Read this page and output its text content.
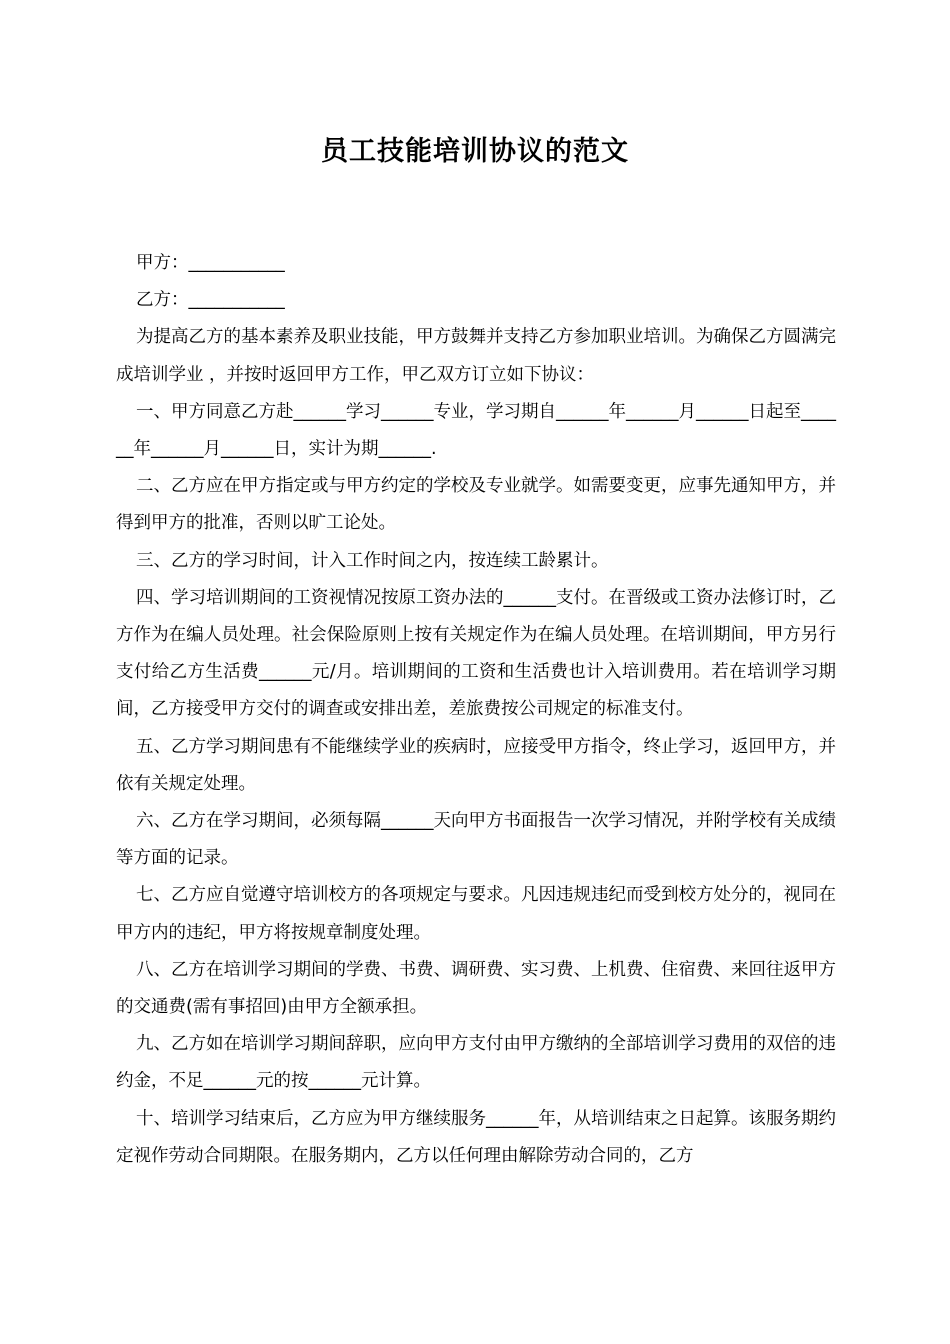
员工技能培训协议的范文

甲方：___________

乙方：___________

为提高乙方的基本素养及职业技能，甲方鼓舞并支持乙方参加职业培训。为确保乙方圆满完成培训学业 ，并按时返回甲方工作，甲乙双方订立如下协议：

一、甲方同意乙方赴______学习______专业，学习期自______年______月______日起至______年______月______日，实计为期______.

二、乙方应在甲方指定或与甲方约定的学校及专业就学。如需要变更，应事先通知甲方，并得到甲方的批准，否则以旷工论处。

三、乙方的学习时间，计入工作时间之内，按连续工龄累计。

四、学习培训期间的工资视情况按原工资办法的______支付。在晋级或工资办法修订时，乙方作为在编人员处理。社会保险原则上按有关规定作为在编人员处理。在培训期间，甲方另行支付给乙方生活费______元/月。培训期间的工资和生活费也计入培训费用。若在培训学习期间，乙方接受甲方交付的调查或安排出差，差旅费按公司规定的标准支付。

五、乙方学习期间患有不能继续学业的疾病时，应接受甲方指令，终止学习，返回甲方，并依有关规定处理。

六、乙方在学习期间，必须每隔______天向甲方书面报告一次学习情况，并附学校有关成绩等方面的记录。

七、乙方应自觉遵守培训校方的各项规定与要求。凡因违规违纪而受到校方处分的，视同在甲方内的违纪，甲方将按规章制度处理。

八、乙方在培训学习期间的学费、书费、调研费、实习费、上机费、住宿费、来回往返甲方的交通费(需有事招回)由甲方全额承担。

九、乙方如在培训学习期间辞职，应向甲方支付由甲方缴纳的全部培训学习费用的双倍的违约金，不足______元的按______元计算。

十、培训学习结束后，乙方应为甲方继续服务______年，从培训结束之日起算。该服务期约定视作劳动合同期限。在服务期内，乙方以任何理由解除劳动合同的，乙方
